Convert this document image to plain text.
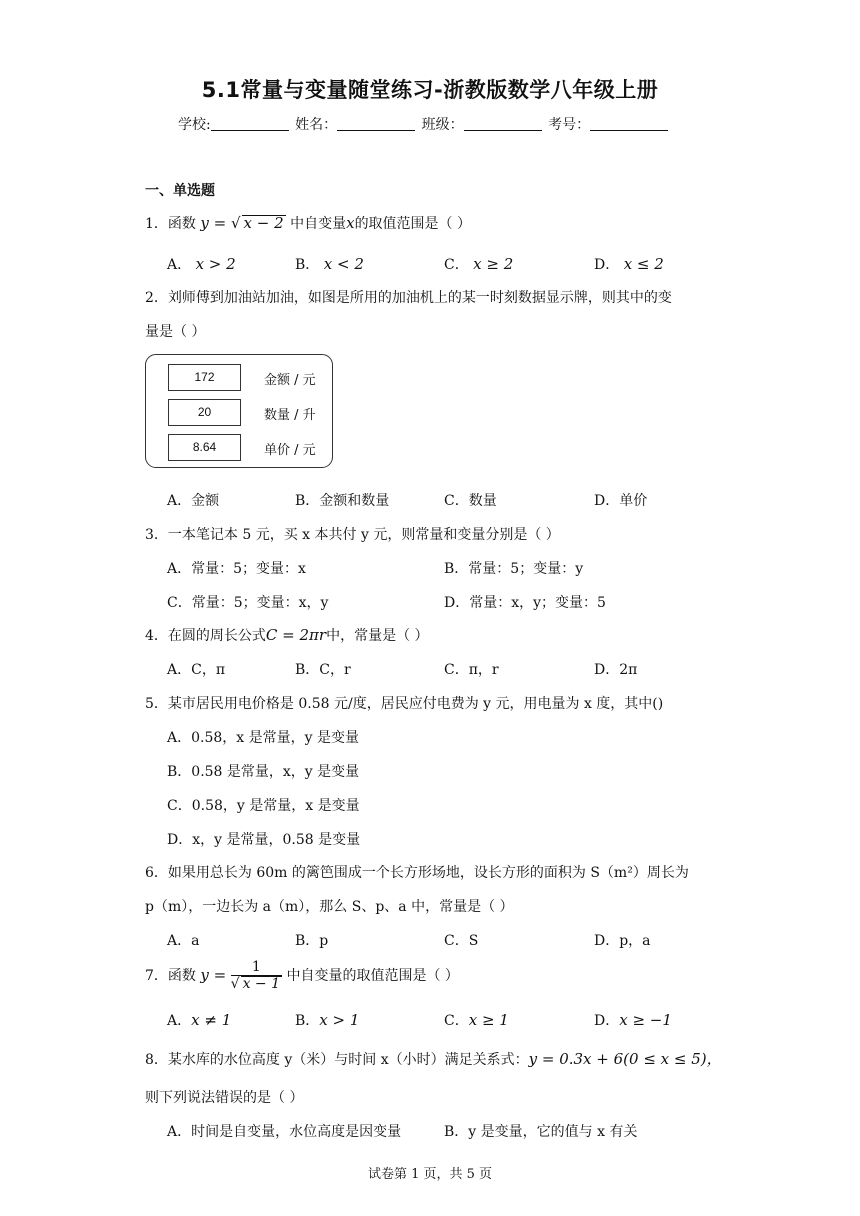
5.1常量与变量随堂练习-浙教版数学八年级上册
学校:	姓名：	班级：	考号：
一、单选题
1．函数 y = √ x − 2 中自变量x的取值范围是（ ）
A． x > 2	B． x < 2	C． x ≥ 2	D． x ≤ 2
2．刘师傅到加油站加油，如图是所用的加油机上的某一时刻数据显示牌，则其中的变
量是（ ）
172	金额 / 元
20	数量 / 升
8.64	单价 / 元
A．金额	B．金额和数量	C．数量	D．单价
3．一本笔记本 5 元，买 x 本共付 y 元，则常量和变量分别是（ ）
A．常量：5；变量：x	B．常量：5；变量：y
C．常量：5；变量：x，y	D．常量：x，y；变量：5
4．在圆的周长公式C = 2πr中，常量是（ ）
A．C，π	B．C，r	C．π，r	D．2π
5．某市居民用电价格是 0.58 元/度，居民应付电费为 y 元，用电量为 x 度，其中()
A．0.58，x 是常量，y 是变量
B．0.58 是常量，x，y 是变量
C．0.58，y 是常量，x 是变量
D．x，y 是常量，0.58 是变量
6．如果用总长为 60m 的篱笆围成一个长方形场地，设长方形的面积为 S（m²）周长为
p（m），一边长为 a（m），那么 S、p、a 中，常量是（ ）
A．a	B．p	C．S	D．p，a
7．函数 $y = \frac{1}{√ x - 1}$ 中自变量的取值范围是（ ）
A．x ≠ 1	B．x > 1	C．x ≥ 1	D．x ≥ −1
8．某水库的水位高度 y（米）与时间 x（小时）满足关系式：y = 0.3x + 6(0 ≤ x ≤ 5)，
则下列说法错误的是（ ）
A．时间是自变量，水位高度是因变量	B．y 是变量，它的值与 x 有关
试卷第 1 页，共 5 页
